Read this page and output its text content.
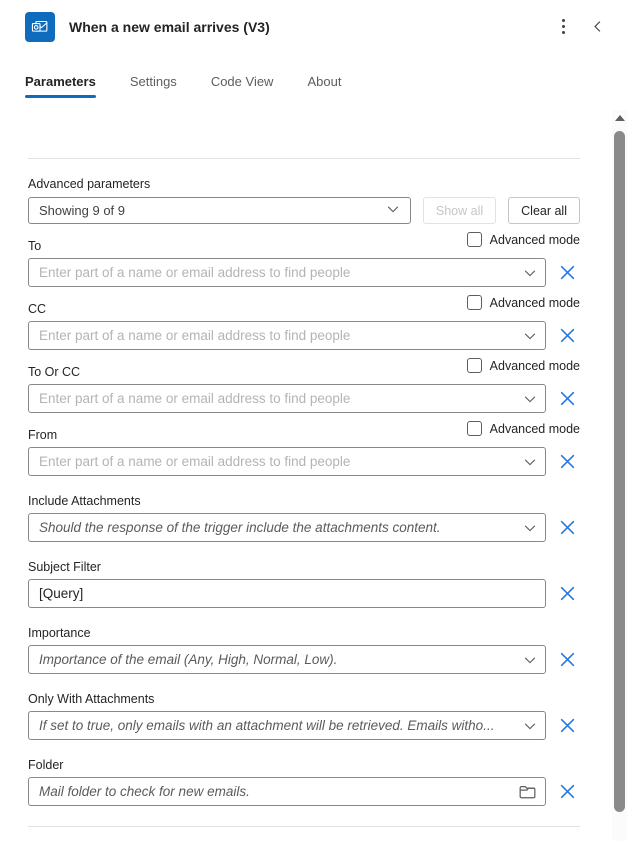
When a new email arrives (V3)
Parameters	Settings	Code View	About
Advanced parameters
Showing 9 of 9	Show all	Clear all
To	Advanced mode
Enter part of a name or email address to find people
CC	Advanced mode
Enter part of a name or email address to find people
To Or CC	Advanced mode
Enter part of a name or email address to find people
From	Advanced mode
Enter part of a name or email address to find people
Include Attachments
Should the response of the trigger include the attachments content.
Subject Filter
[Query]
Importance
Importance of the email (Any, High, Normal, Low).
Only With Attachments
If set to true, only emails with an attachment will be retrieved. Emails witho...
Folder
Mail folder to check for new emails.
